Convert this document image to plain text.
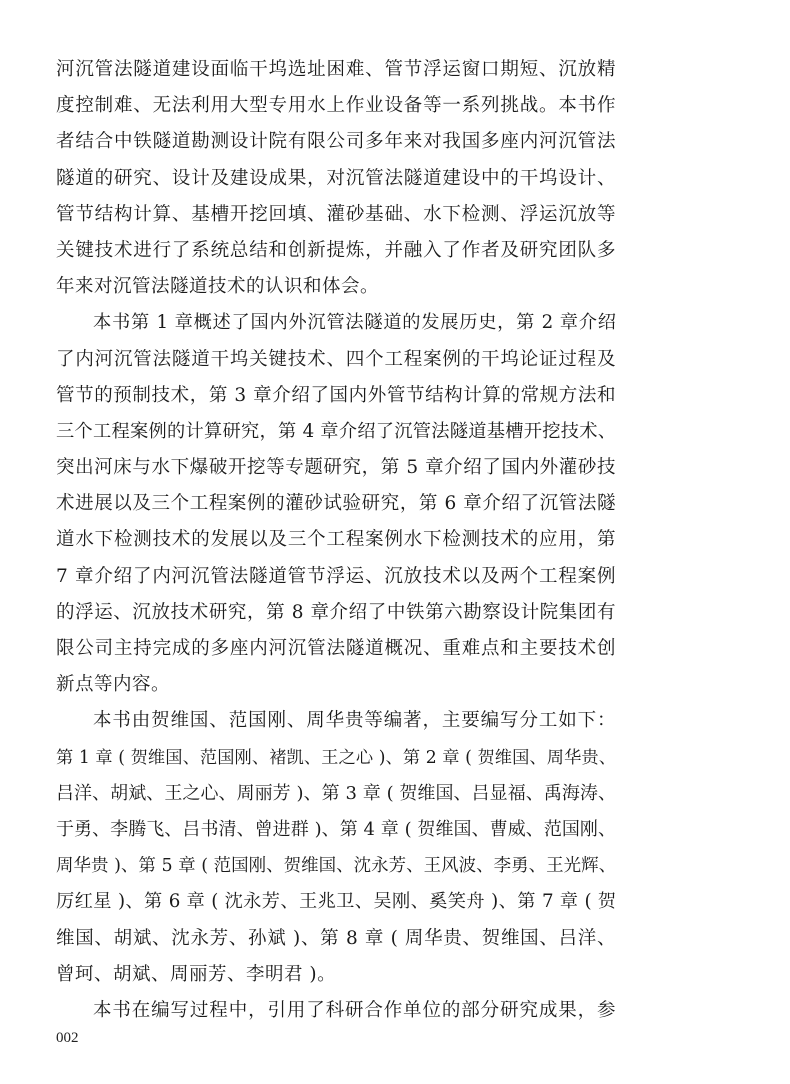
河沉管法隧道建设面临干坞选址困难、管节浮运窗口期短、沉放精
度控制难、无法利用大型专用水上作业设备等一系列挑战。本书作
者结合中铁隧道勘测设计院有限公司多年来对我国多座内河沉管法
隧道的研究、设计及建设成果，对沉管法隧道建设中的干坞设计、
管节结构计算、基槽开挖回填、灌砂基础、水下检测、浮运沉放等
关键技术进行了系统总结和创新提炼，并融入了作者及研究团队多
年来对沉管法隧道技术的认识和体会。
本书第 1 章概述了国内外沉管法隧道的发展历史，第 2 章介绍
了内河沉管法隧道干坞关键技术、四个工程案例的干坞论证过程及
管节的预制技术，第 3 章介绍了国内外管节结构计算的常规方法和
三个工程案例的计算研究，第 4 章介绍了沉管法隧道基槽开挖技术、
突出河床与水下爆破开挖等专题研究，第 5 章介绍了国内外灌砂技
术进展以及三个工程案例的灌砂试验研究，第 6 章介绍了沉管法隧
道水下检测技术的发展以及三个工程案例水下检测技术的应用，第
7 章介绍了内河沉管法隧道管节浮运、沉放技术以及两个工程案例
的浮运、沉放技术研究，第 8 章介绍了中铁第六勘察设计院集团有
限公司主持完成的多座内河沉管法隧道概况、重难点和主要技术创
新点等内容。
本书由贺维国、范国刚、周华贵等编著，主要编写分工如下：
第 1 章 ( 贺维国、范国刚、褚凯、王之心 )、第 2 章 ( 贺维国、周华贵、
吕洋、胡斌、王之心、周丽芳 )、第 3 章 ( 贺维国、吕显福、禹海涛、
于勇、李腾飞、吕书清、曾进群 )、第 4 章 ( 贺维国、曹威、范国刚、
周华贵 )、第 5 章 ( 范国刚、贺维国、沈永芳、王风波、李勇、王光辉、
厉红星 )、第 6 章 ( 沈永芳、王兆卫、吴刚、奚笑舟 )、第 7 章 ( 贺
维国、胡斌、沈永芳、孙斌 )、第 8 章 ( 周华贵、贺维国、吕洋、
曾珂、胡斌、周丽芳、李明君 )。
本书在编写过程中，引用了科研合作单位的部分研究成果，参
002
